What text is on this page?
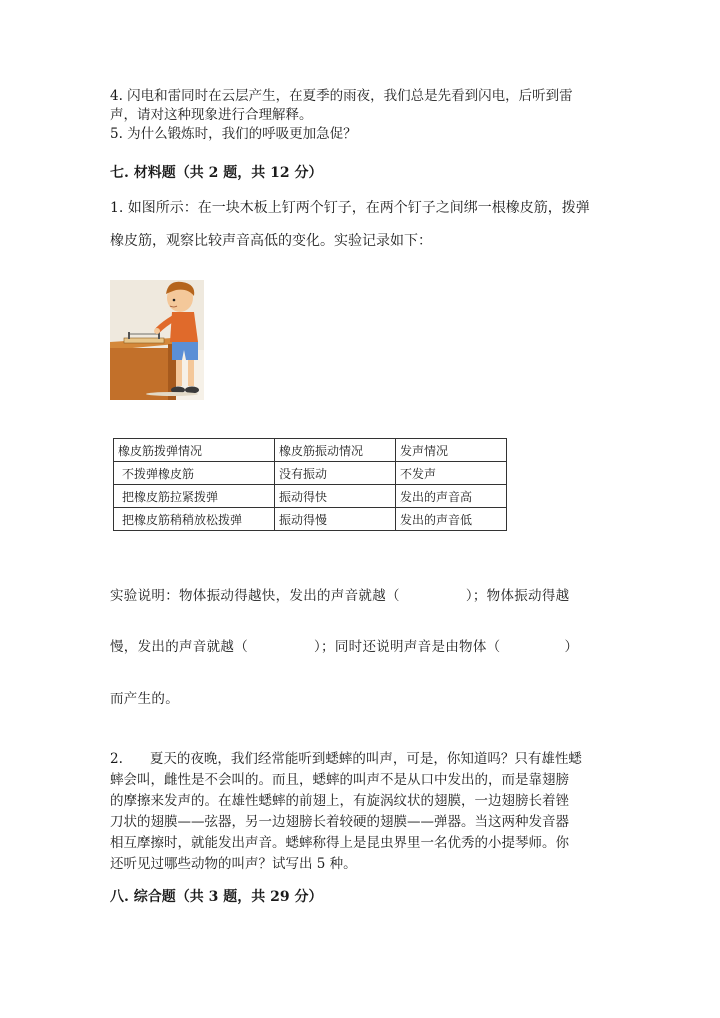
4. 闪电和雷同时在云层产生，在夏季的雨夜，我们总是先看到闪电，后听到雷
声，请对这种现象进行合理解释。
5. 为什么锻炼时，我们的呼吸更加急促？
七. 材料题（共 2 题，共 12 分）
1. 如图所示：在一块木板上钉两个钉子，在两个钉子之间绑一根橡皮筋，拨弹
橡皮筋，观察比较声音高低的变化。实验记录如下：
橡皮筋拨弹情况	橡皮筋振动情况	发声情况
不拨弹橡皮筋	没有振动	不发声
把橡皮筋拉紧拨弹	振动得快	发出的声音高
把橡皮筋稍稍放松拨弹	振动得慢	发出的声音低
实验说明：物体振动得越快，发出的声音就越（	）；物体振动得越
慢，发出的声音就越（	）；同时还说明声音是由物体（	）
而产生的。
2.　　夏天的夜晚，我们经常能听到蟋蟀的叫声，可是，你知道吗？只有雄性蟋
蟀会叫，雌性是不会叫的。而且，蟋蟀的叫声不是从口中发出的，而是靠翅膀
的摩擦来发声的。在雄性蟋蟀的前翅上，有旋涡纹状的翅膜，一边翅膀长着锉
刀状的翅膜——弦器，另一边翅膀长着较硬的翅膜——弹器。当这两种发音器
相互摩擦时，就能发出声音。蟋蟀称得上是昆虫界里一名优秀的小提琴师。你
还听见过哪些动物的叫声？试写出 5 种。
八. 综合题（共 3 题，共 29 分）
